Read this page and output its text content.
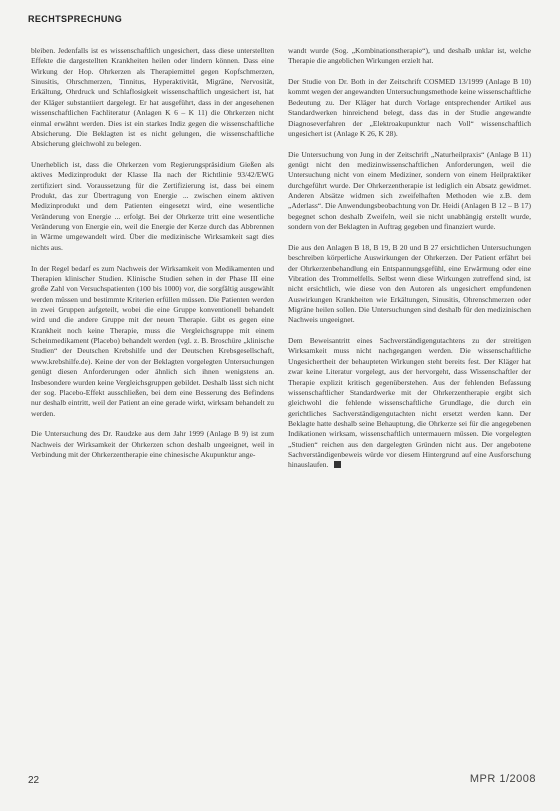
RECHTSPRECHUNG

bleiben. Jedenfalls ist es wissenschaftlich ungesichert, dass diese unterstellten Effekte die dargestellten Krankheiten heilen oder lindern können. Dass eine Wirkung der Hop. Ohrkerzen als Therapiemittel gegen Kopfschmerzen, Sinusitis, Ohrschmerzen, Tinnitus, Hyperaktivität, Migräne, Nervosität, Erkältung, Ohrdruck und Schlaflosigkeit wissenschaftlich ungesichert ist, hat der Kläger substantiiert dargelegt. Er hat ausgeführt, dass in der angesehenen wissenschaftlichen Fachliteratur (Anlagen K 6 – K 11) die Ohrkerzen nicht einmal erwähnt werden. Dies ist ein starkes Indiz gegen die wissenschaftliche Absicherung. Die Beklagten ist es nicht gelungen, die wissenschaftliche Absicherung gleichwohl zu belegen.

Unerheblich ist, dass die Ohrkerzen vom Regierungspräsidium Gießen als aktives Medizinprodukt der Klasse IIa nach der Richtlinie 93/42/EWG zertifiziert sind. Voraussetzung für die Zertifizierung ist, dass bei einem Produkt, das zur Übertragung von Energie ... zwischen einem aktiven Medizinprodukt und dem Patienten eingesetzt wird, eine wesentliche Veränderung von Energie ... erfolgt. Bei der Ohrkerze tritt eine wesentliche Veränderung von Energie ein, weil die Energie der Kerze durch das Abbrennen in Wärme umgewandelt wird. Über die medizinische Wirksamkeit sagt dies nichts aus.

In der Regel bedarf es zum Nachweis der Wirksamkeit von Medikamenten und Therapien klinischer Studien. Klinische Studien sehen in der Phase III eine große Zahl von Versuchspatienten (100 bis 1000) vor, die sorgfältig ausgewählt werden müssen und bestimmte Kriterien erfüllen müssen. Die Patienten werden in zwei Gruppen aufgeteilt, wobei die eine Gruppe konventionell behandelt wird und die andere Gruppe mit der neuen Therapie. Gibt es gegen eine Krankheit noch keine Therapie, muss die Vergleichsgruppe mit einem Scheinmedikament (Placebo) behandelt werden (vgl. z. B. Broschüre „klinische Studien“ der Deutschen Krebshilfe und der Deutschen Krebsgesellschaft, www.krebshilfe.de). Keine der von der Beklagten vorgelegten Untersuchungen genügt diesen Anforderungen oder ähnlich sich ihnen wenigstens an. Insbesondere wurden keine Vergleichsgruppen gebildet. Deshalb lässt sich nicht der sog. Placebo-Effekt ausschließen, bei dem eine Besserung des Befindens nur deshalb eintritt, weil der Patient an eine gerade wirkt, wirksam behandelt zu werden.

Die Untersuchung des Dr. Raudzke aus dem Jahr 1999 (Anlage B 9) ist zum Nachweis der Wirksamkeit der Ohrkerzen schon deshalb ungeeignet, weil in Verbindung mit der Ohrkerzentherapie eine chinesische Akupunktur ange-

wandt wurde (Sog. „Kombinationstherapie“), und deshalb unklar ist, welche Therapie die angeblichen Wirkungen erzielt hat.

Der Studie von Dr. Both in der Zeitschrift COSMED 13/1999 (Anlage B 10) kommt wegen der angewandten Untersuchungsmethode keine wissenschaftliche Bedeutung zu. Der Kläger hat durch Vorlage entsprechender Artikel aus Standardwerken hinreichend belegt, dass das in der Studie angewandte Diagnoseverfahren der „Elektroakupunktur nach Voll“ wissenschaftlich ungesichert ist (Anlage K 26, K 28).

Die Untersuchung von Jung in der Zeitschrift „Naturheilpraxis“ (Anlage B 11) genügt nicht den medizinwissenschaftlichen Anforderungen, weil die Untersuchung nicht von einem Mediziner, sondern von einem Heilpraktiker durchgeführt wurde. Der Ohrkerzentherapie ist lediglich ein Absatz gewidmet. Anderen Absätze widmen sich zweifelhaften Methoden wie z.B. dem „Aderlass“. Die Anwendungsbeobachtung von Dr. Heidi (Anlagen B 12 – B 17) begegnet schon deshalb Zweifeln, weil sie nicht unabhängig erstellt wurde, sondern von der Beklagten in Auftrag gegeben und finanziert wurde.

Die aus den Anlagen B 18, B 19, B 20 und B 27 ersichtlichen Untersuchungen beschreiben körperliche Auswirkungen der Ohrkerzen. Der Patient erfährt bei der Ohrkerzenbehandlung ein Entspannungsgefühl, eine Erwärmung oder eine Vibration des Trommelfells. Selbst wenn diese Wirkungen zutreffend sind, ist nicht ersichtlich, wie diese von den Autoren als ungesichert empfundenen Auswirkungen Krankheiten wie Erkältungen, Sinusitis, Ohrenschmerzen oder Migräne heilen sollen. Die Untersuchungen sind deshalb für den medizinischen Nachweis ungeeignet.

Dem Beweisantritt eines Sachverständigengutachtens zu der streitigen Wirksamkeit muss nicht nachgegangen werden. Die wissenschaftliche Ungesichertheit der behaupteten Wirkungen steht bereits fest. Der Kläger hat zwar keine Literatur vorgelegt, aus der hervorgeht, dass Wissenschaftler der Therapie explizit kritisch gegenüberstehen. Aus der fehlenden Befassung wissenschaftlicher Standardwerke mit der Ohrkerzentherapie ergibt sich gleichwohl die fehlende wissenschaftliche Grundlage, die durch ein gerichtliches Sachverständigengutachten nicht ersetzt werden kann. Der Beklagte hatte deshalb seine Behauptung, die Ohrkerze sei für die angegebenen Indikationen wirksam, wissenschaftlich untermauern müssen. Die vorgelegten „Studien“ reichen aus den dargelegten Gründen nicht aus. Der angebotene Sachverständigenbeweis würde vor diesem Hintergrund auf eine Ausforschung hinauslaufen.

22	MPR 1/2008
